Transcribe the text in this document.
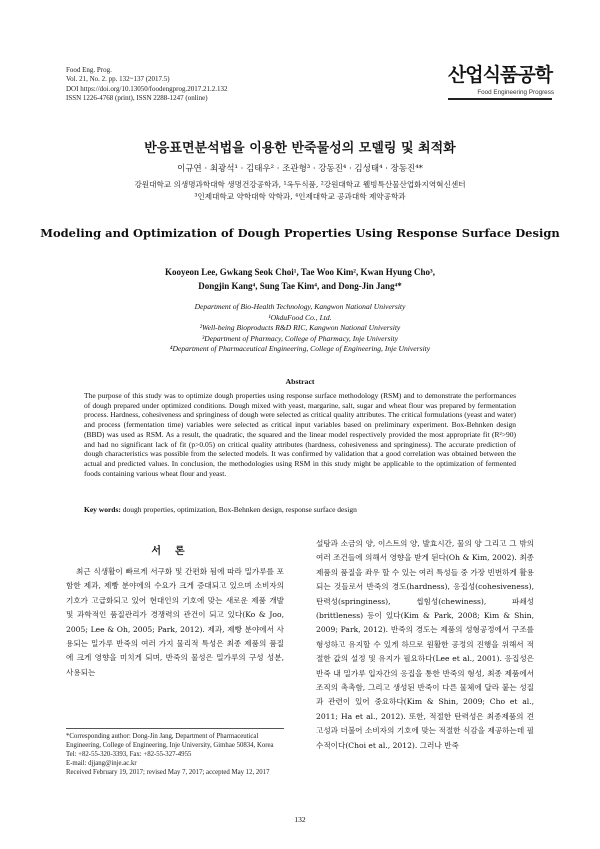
Food Eng. Prog.
Vol. 21, No. 2. pp. 132~137 (2017.5)
DOI https://doi.org/10.13050/foodengprog.2017.21.2.132
ISSN 1226-4768 (print), ISSN 2288-1247 (online)
산업식품공학
Food Engineering Progress
반응표면분석법을 이용한 반죽물성의 모델링 및 최적화
이규연 · 최광석¹ · 김태우² · 조관형³ · 강동진⁴ · 김성태⁴ · 장동진⁴*
강원대학교 의생명과학대학 생명건강공학과, ¹옥두식품, ²강원대학교 웰빙특산물산업화지역혁신센터
³인제대학교 약학대학 약학과, ⁴인제대학교 공과대학 제약공학과
Modeling and Optimization of Dough Properties Using Response Surface Design
Kooyeon Lee, Gwkang Seok Choi¹, Tae Woo Kim², Kwan Hyung Cho³,
Dongjin Kang⁴, Sung Tae Kim⁴, and Dong-Jin Jang⁴*
Department of Bio-Health Technology, Kangwon National University
¹OkduFood Co., Ltd.
²Well-being Bioproducts R&D RIC, Kangwon National University
³Department of Pharmacy, College of Pharmacy, Inje University
⁴Department of Pharmaceutical Engineering, College of Engineering, Inje University
Abstract
The purpose of this study was to optimize dough properties using response surface methodology (RSM) and to demonstrate the performances of dough prepared under optimized conditions. Dough mixed with yeast, margarine, salt, sugar and wheat flour was prepared by fermentation process. Hardness, cohesiveness and springiness of dough were selected as critical quality attributes. The critical formulations (yeast and water) and process (fermentation time) variables were selected as critical input variables based on preliminary experiment. Box-Behnken design (BBD) was used as RSM. As a result, the quadratic, the squared and the linear model respectively provided the most appropriate fit (R²>90) and had no significant lack of fit (p>0.05) on critical quality attributes (hardness, cohesiveness and springiness). The accurate prediction of dough characteristics was possible from the selected models. It was confirmed by validation that a good correlation was obtained between the actual and predicted values. In conclusion, the methodologies using RSM in this study might be applicable to the optimization of fermented foods containing various wheat flour and yeast.
Key words: dough properties, optimization, Box-Behnken design, response surface design
서론
최근 식생활이 빠르게 서구화 및 간편화 됨에 따라 밀가루를 포함한 제과, 제빵 분야에의 수요가 크게 증대되고 있으며 소비자의 기호가 고급화되고 있어 현대인의 기호에 맞는 새로운 제품 개발 및 과학적인 품질관리가 경쟁력의 관건이 되고 있다(Ko & Joo, 2005; Lee & Oh, 2005; Park, 2012). 제과, 제빵 분야에서 사용되는 밀가루 반죽의 여러 가지 물리적 특성은 최종 제품의 품질에 크게 영향을 미치게 되며, 반죽의 물성은 밀가루의 구성 성분, 사용되는
설탕과 소금의 양, 이스트의 양, 발효시간, 물의 양 그리고 그 밖의 여러 조건들에 의해서 영향을 받게 된다(Oh & Kim, 2002). 최종제품의 품질을 좌우 할 수 있는 여러 특성들 중 가장 빈번하게 활용되는 것들로서 반죽의 경도(hardness), 응집성(cohesiveness), 탄력성(springiness), 씹힘성(chewiness), 파쇄성(brittleness) 등이 있다(Kim & Park, 2008; Kim & Shin, 2009; Park, 2012). 반죽의 경도는 제품의 성형공정에서 구조를 형성하고 유지할 수 있게 하므로 원활한 공정의 진행을 위해서 적절한 값의 설정 및 유지가 필요하다(Lee et al., 2001). 응집성은 반죽 내 밀가루 입자간의 응집을 통한 반죽의 형성, 최종 제품에서 조직의 촉촉함, 그리고 생성된 반죽이 다른 물체에 달라 붙는 성질과 관련이 있어 중요하다(Kim & Shin, 2009; Cho et al., 2011; Ha et al., 2012). 또한, 적절한 탄력성은 최종제품의 견고성과 더불어 소비자의 기호에 맞는 적절한 식감을 제공하는데 필수적이다(Choi et al., 2012). 그러나 반죽
*Corresponding author: Dong-Jin Jang, Department of Pharmaceutical Engineering, College of Engineering, Inje University, Gimhae 50834, Korea
Tel: +82-55-320-3393, Fax: +82-55-327-4955
E-mail: djjang@inje.ac.kr
Received February 19, 2017; revised May 7, 2017; accepted May 12, 2017
132
